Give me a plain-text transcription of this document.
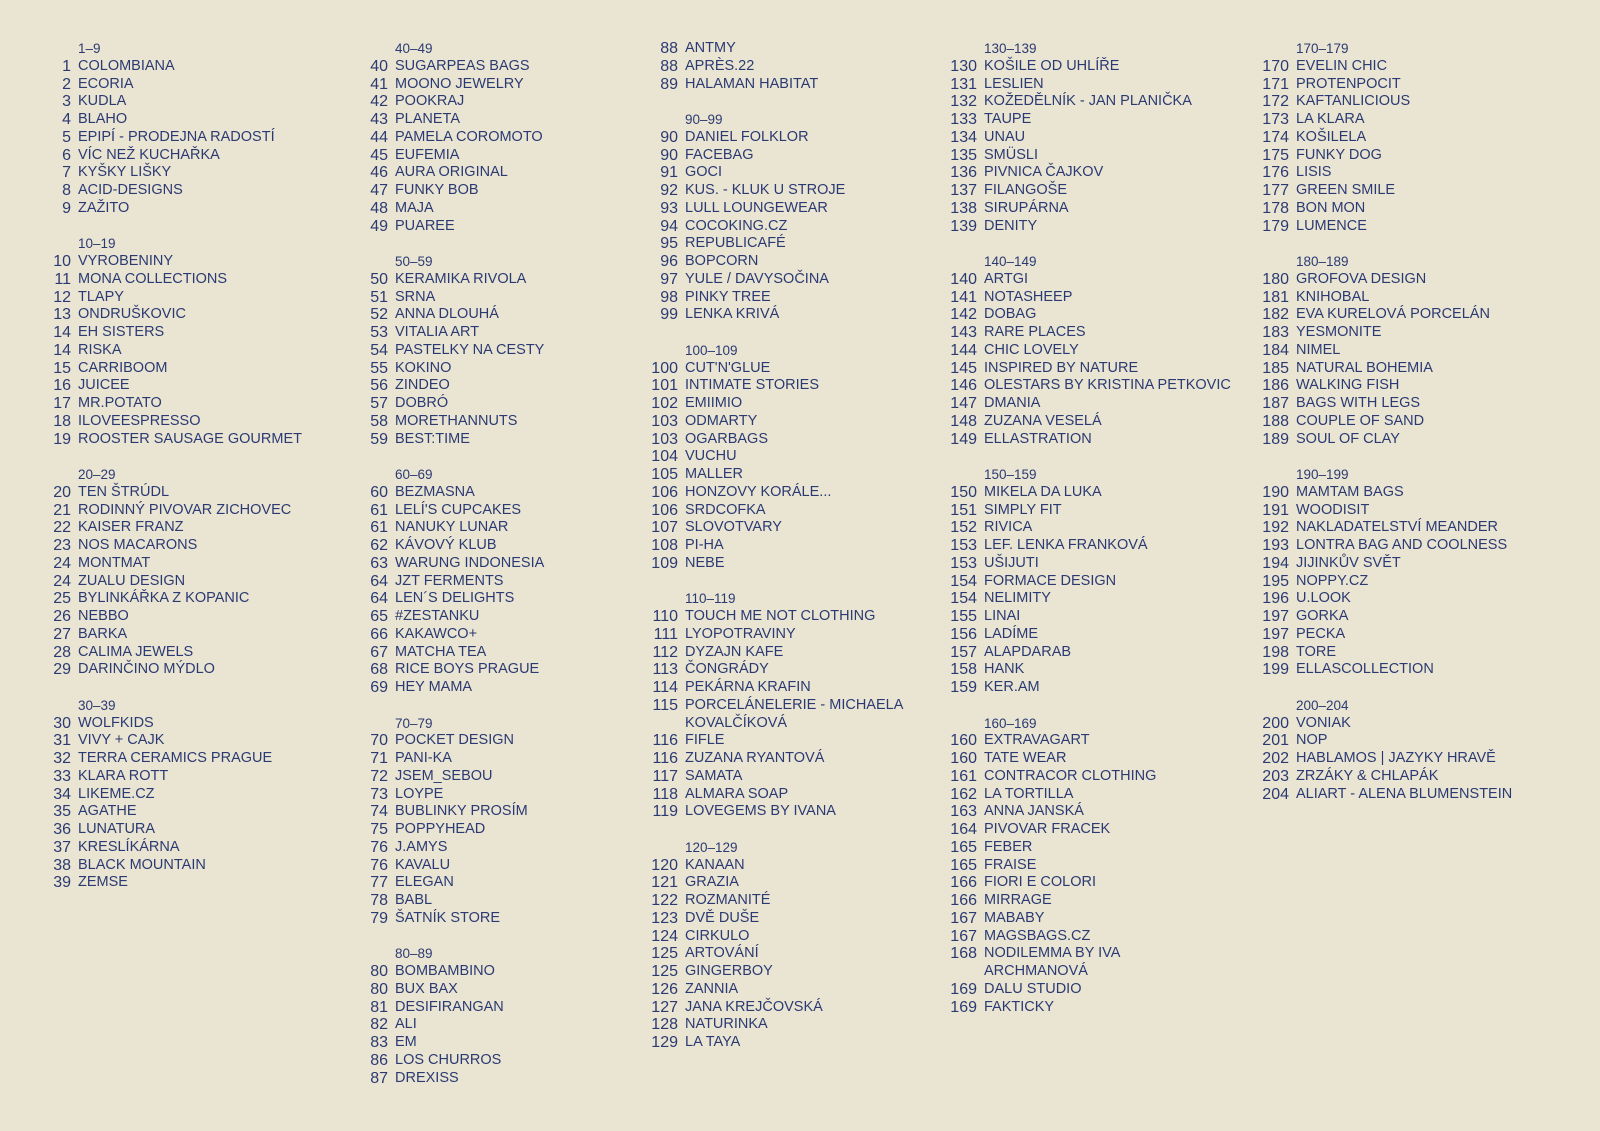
1–9
1 COLOMBIANA
2 ECORIA
3 KUDLA
4 BLAHO
5 EPIPÍ - PRODEJNA RADOSTÍ
6 VÍC NEŽ KUCHAŘKA
7 KYŠKY LIŠKY
8 ACID-DESIGNS
9 ZAŽITO
10–19
10 VYROBENINY
11 MONA COLLECTIONS
12 TLAPY
13 ONDRUŠKOVIC
14 EH SISTERS
14 RISKA
15 CARRIBOOM
16 JUICEE
17 MR.POTATO
18 ILOVEESPRESSO
19 ROOSTER SAUSAGE GOURMET
20–29
20 TEN ŠTRÚDL
21 RODINNÝ PIVOVAR ZICHOVEC
22 KAISER FRANZ
23 NOS MACARONS
24 MONTMAT
24 ZUALU DESIGN
25 BYLINKÁŘKA Z KOPANIC
26 NEBBO
27 BARKA
28 CALIMA JEWELS
29 DARINČINO MÝDLO
30–39
30 WOLFKIDS
31 VIVY + CAJK
32 TERRA CERAMICS PRAGUE
33 KLARA ROTT
34 LIKEME.CZ
35 AGATHE
36 LUNATURA
37 KRESLÍKÁRNA
38 BLACK MOUNTAIN
39 ZEMSE
40–49
40 SUGARPEAS BAGS
41 MOONO JEWELRY
42 POOKRAJ
43 PLANETA
44 PAMELA COROMOTO
45 EUFEMIA
46 AURA ORIGINAL
47 FUNKY BOB
48 MAJA
49 PUAREE
50–59
50 KERAMIKA RIVOLA
51 SRNA
52 ANNA DLOUHÁ
53 VITALIA ART
54 PASTELKY NA CESTY
55 KOKINO
56 ZINDEO
57 DOBRÓ
58 MORETHANNUTS
59 BEST:TIME
60–69
60 BEZMASNA
61 LELÍ'S CUPCAKES
61 NANUKY LUNAR
62 KÁVOVÝ KLUB
63 WARUNG INDONESIA
64 JZT FERMENTS
64 LEN´S DELIGHTS
65 #ZESTANKU
66 KAKAWCO+
67 MATCHA TEA
68 RICE BOYS PRAGUE
69 HEY MAMA
70–79
70 POCKET DESIGN
71 PANI-KA
72 JSEM_SEBOU
73 LOYPE
74 BUBLINKY PROSÍM
75 POPPYHEAD
76 J.AMYS
76 KAVALU
77 ELEGAN
78 BABL
79 ŠATNÍK STORE
80–89
80 BOMBAMBINO
80 BUX BAX
81 DESIFIRANGAN
82 ALI
83 EM
86 LOS CHURROS
87 DREXISS
88 ANTMY
88 APRÈS.22
89 HALAMAN HABITAT
90–99
90 DANIEL FOLKLOR
90 FACEBAG
91 GOCI
92 KUS. - KLUK U STROJE
93 LULL LOUNGEWEAR
94 COCOKING.CZ
95 REPUBLICAFÉ
96 BOPCORN
97 YULE / DAVYSOČINA
98 PINKY TREE
99 LENKA KRIVÁ
100–109
100 CUT'N'GLUE
101 INTIMATE STORIES
102 EMIIMIO
103 ODMARTY
103 OGARBAGS
104 VUCHU
105 MALLER
106 HONZOVY KORÁLE...
106 SRDCOFKA
107 SLOVOTVARY
108 PI-HA
109 NEBE
110–119
110 TOUCH ME NOT CLOTHING
111 LYOPOTRAVINY
112 DYZAJN KAFE
113 ČONGRÁDY
114 PEKÁRNA KRAFIN
115 PORCELÁNELERIE - MICHAELA KOVALČÍKOVÁ
116 FIFLE
116 ZUZANA RYANTOVÁ
117 SAMATA
118 ALMARA SOAP
119 LOVEGEMS BY IVANA
120–129
120 KANAAN
121 GRAZIA
122 ROZMANITÉ
123 DVĚ DUŠE
124 CIRKULO
125 ARTOVÁNÍ
125 GINGERBOY
126 ZANNIA
127 JANA KREJČOVSKÁ
128 NATURINKA
129 LA TAYA
130–139
130 KOŠILE OD UHLÍŘE
131 LESLIEN
132 KOŽEDĚLNÍK - JAN PLANIČKA
133 TAUPE
134 UNAU
135 SMÜSLI
136 PIVNICA ČAJKOV
137 FILANGOŠE
138 SIRUPÁRNA
139 DENITY
140–149
140 ARTGI
141 NOTASHEEP
142 DOBAG
143 RARE PLACES
144 CHIC LOVELY
145 INSPIRED BY NATURE
146 OLESTARS BY KRISTINA PETKOVIC
147 DMANIA
148 ZUZANA VESELÁ
149 ELLASTRATION
150–159
150 MIKELA DA LUKA
151 SIMPLY FIT
152 RIVICA
153 LEF. LENKA FRANKOVÁ
153 UŠIJUTI
154 FORMACE DESIGN
154 NELIMITY
155 LINAI
156 LADÍME
157 ALAPDARAB
158 HANK
159 KER.AM
160–169
160 EXTRAVAGART
160 TATE WEAR
161 CONTRACOR CLOTHING
162 LA TORTILLA
163 ANNA JANSKÁ
164 PIVOVAR FRACEK
165 FEBER
165 FRAISE
166 FIORI E COLORI
166 MIRRAGE
167 MABABY
167 MAGSBAGS.CZ
168 NODILEMMA BY IVA ARCHMANOVÁ
169 DALU STUDIO
169 FAKTICKY
170–179
170 EVELIN CHIC
171 PROTENPOCIT
172 KAFTANLICIOUS
173 LA KLARA
174 KOŠILELA
175 FUNKY DOG
176 LISIS
177 GREEN SMILE
178 BON MON
179 LUMENCE
180–189
180 GROFOVA DESIGN
181 KNIHOBAL
182 EVA KURELOVÁ PORCELÁN
183 YESMONITE
184 NIMEL
185 NATURAL BOHEMIA
186 WALKING FISH
187 BAGS WITH LEGS
188 COUPLE OF SAND
189 SOUL OF CLAY
190–199
190 MAMTAM BAGS
191 WOODISIT
192 NAKLADATELSTVÍ MEANDER
193 LONTRA BAG AND COOLNESS
194 JIJINKŮV SVĚT
195 NOPPY.CZ
196 U.LOOK
197 GORKA
197 PECKA
198 TORE
199 ELLASCOLLECTION
200–204
200 VONIAK
201 NOP
202 HABLAMOS | JAZYKY HRAVĚ
203 ZRZÁKY & CHLAPÁK
204 ALIART - ALENA BLUMENSTEIN
